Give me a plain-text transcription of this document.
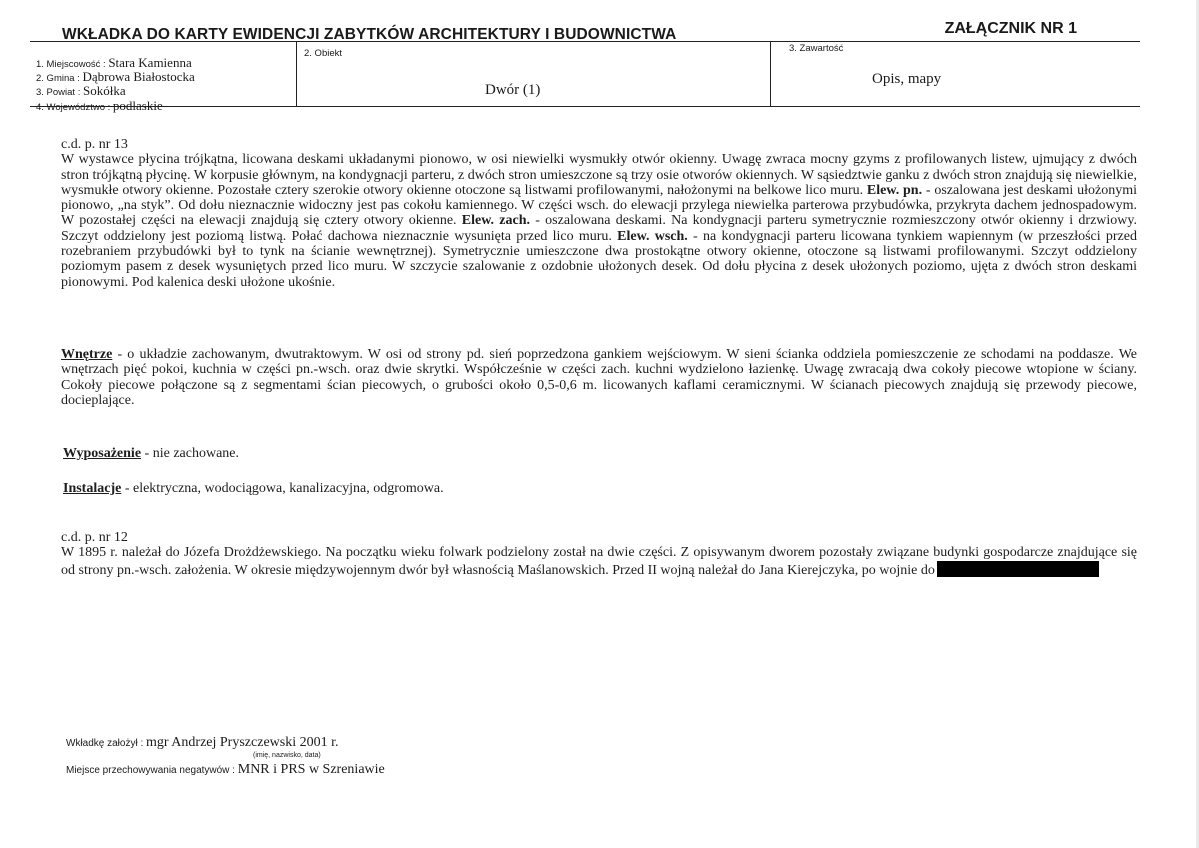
WKŁADKA DO KARTY EWIDENCJI ZABYTKÓW ARCHITEKTURY I BUDOWNICTWA	ZAŁĄCZNIK NR 1
1. Miejscowość : Stara Kamienna
2. Gmina : Dąbrowa Białostocka
3. Powiat : Sokółka
4. Województwo : podlaskie
2. Obiekt
Dwór (1)
3. Zawartość
Opis, mapy
c.d. p. nr 13
W wystawce płycina trójkątna, licowana deskami układanymi pionowo, w osi niewielki wysmukły otwór okienny. Uwagę zwraca mocny gzyms z profilowanych listew, ujmujący z dwóch stron trójkątną płycinę. W korpusie głównym, na kondygnacji parteru, z dwóch stron umieszczone są trzy osie otworów okiennych. W sąsiedztwie ganku z dwóch stron znajdują się niewielkie, wysmukłe otwory okienne. Pozostałe cztery szerokie otwory okienne otoczone są listwami profilowanymi, nałożonymi na belkowe lico muru. Elew. pn. - oszalowana jest deskami ułożonymi pionowo, „na styk”. Od dołu nieznacznie widoczny jest pas cokołu kamiennego. W części wsch. do elewacji przylega niewielka parterowa przybudówka, przykryta dachem jednospadowym. W pozostałej części na elewacji znajdują się cztery otwory okienne. Elew. zach. - oszalowana deskami. Na kondygnacji parteru symetrycznie rozmieszczony otwór okienny i drzwiowy. Szczyt oddzielony jest poziomą listwą. Połać dachowa nieznacznie wysunięta przed lico muru. Elew. wsch. - na kondygnacji parteru licowana tynkiem wapiennym (w przeszłości przed rozebraniem przybudówki był to tynk na ścianie wewnętrznej). Symetrycznie umieszczone dwa prostokątne otwory okienne, otoczone są listwami profilowanymi. Szczyt oddzielony poziomym pasem z desek wysuniętych przed lico muru. W szczycie szalowanie z ozdobnie ułożonych desek. Od dołu płycina z desek ułożonych poziomo, ujęta z dwóch stron deskami pionowymi. Pod kalenica deski ułożone ukośnie.
Wnętrze - o układzie zachowanym, dwutraktowym. W osi od strony pd. sień poprzedzona gankiem wejściowym. W sieni ścianka oddziela pomieszczenie ze schodami na poddasze. We wnętrzach pięć pokoi, kuchnia w części pn.-wsch. oraz dwie skrytki. Współcześnie w części zach. kuchni wydzielono łazienkę. Uwagę zwracają dwa cokoły piecowe wtopione w ściany. Cokoły piecowe połączone są z segmentami ścian piecowych, o grubości około 0,5-0,6 m. licowanych kaflami ceramicznymi. W ścianach piecowych znajdują się przewody piecowe, docieplające.
Wyposażenie - nie zachowane.
Instalacje - elektryczna, wodociągowa, kanalizacyjna, odgromowa.
c.d. p. nr 12
W 1895 r. należał do Józefa Drożdżewskiego. Na początku wieku folwark podzielony został na dwie części. Z opisywanym dworem pozostały związane budynki gospodarcze znajdujące się od strony pn.-wsch. założenia. W okresie międzywojennym dwór był własnością Maślanowskich. Przed II wojną należał do Jana Kierejczyka, po wojnie do
Wkładkę założył : mgr Andrzej Pryszczewski 2001 r.
(imię, nazwisko, data)
Miejsce przechowywania negatywów : MNR i PRS w Szreniawie
